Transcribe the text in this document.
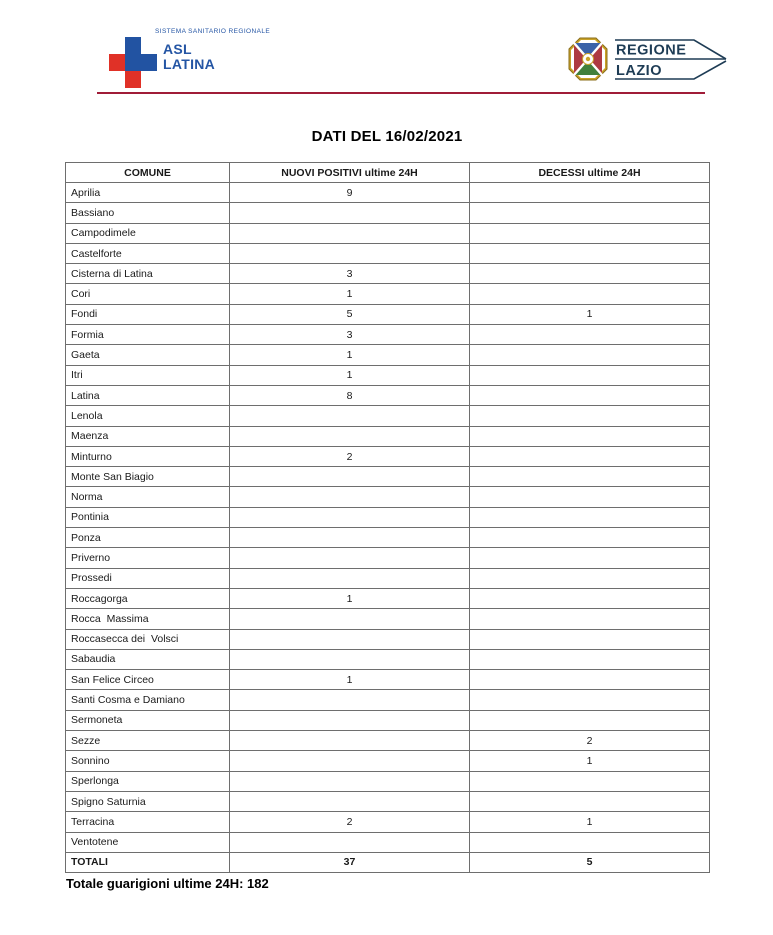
SISTEMA SANITARIO REGIONALE
ASL
LATINA
REGIONE
LAZIO
DATI DEL 16/02/2021
COMUNE	NUOVI POSITIVI ultime 24H	DECESSI ultime 24H
Aprilia	9	
Bassiano		
Campodimele		
Castelforte		
Cisterna di Latina	3	
Cori	1	
Fondi	5	1
Formia	3	
Gaeta	1	
Itri	1	
Latina	8	
Lenola		
Maenza		
Minturno	2	
Monte San Biagio		
Norma		
Pontinia		
Ponza		
Priverno		
Prossedi		
Roccagorga	1	
Rocca  Massima		
Roccasecca dei  Volsci		
Sabaudia		
San Felice Circeo	1	
Santi Cosma e Damiano		
Sermoneta		
Sezze		2
Sonnino		1
Sperlonga		
Spigno Saturnia		
Terracina	2	1
Ventotene		
TOTALI	37	5
Totale guarigioni ultime 24H: 182
